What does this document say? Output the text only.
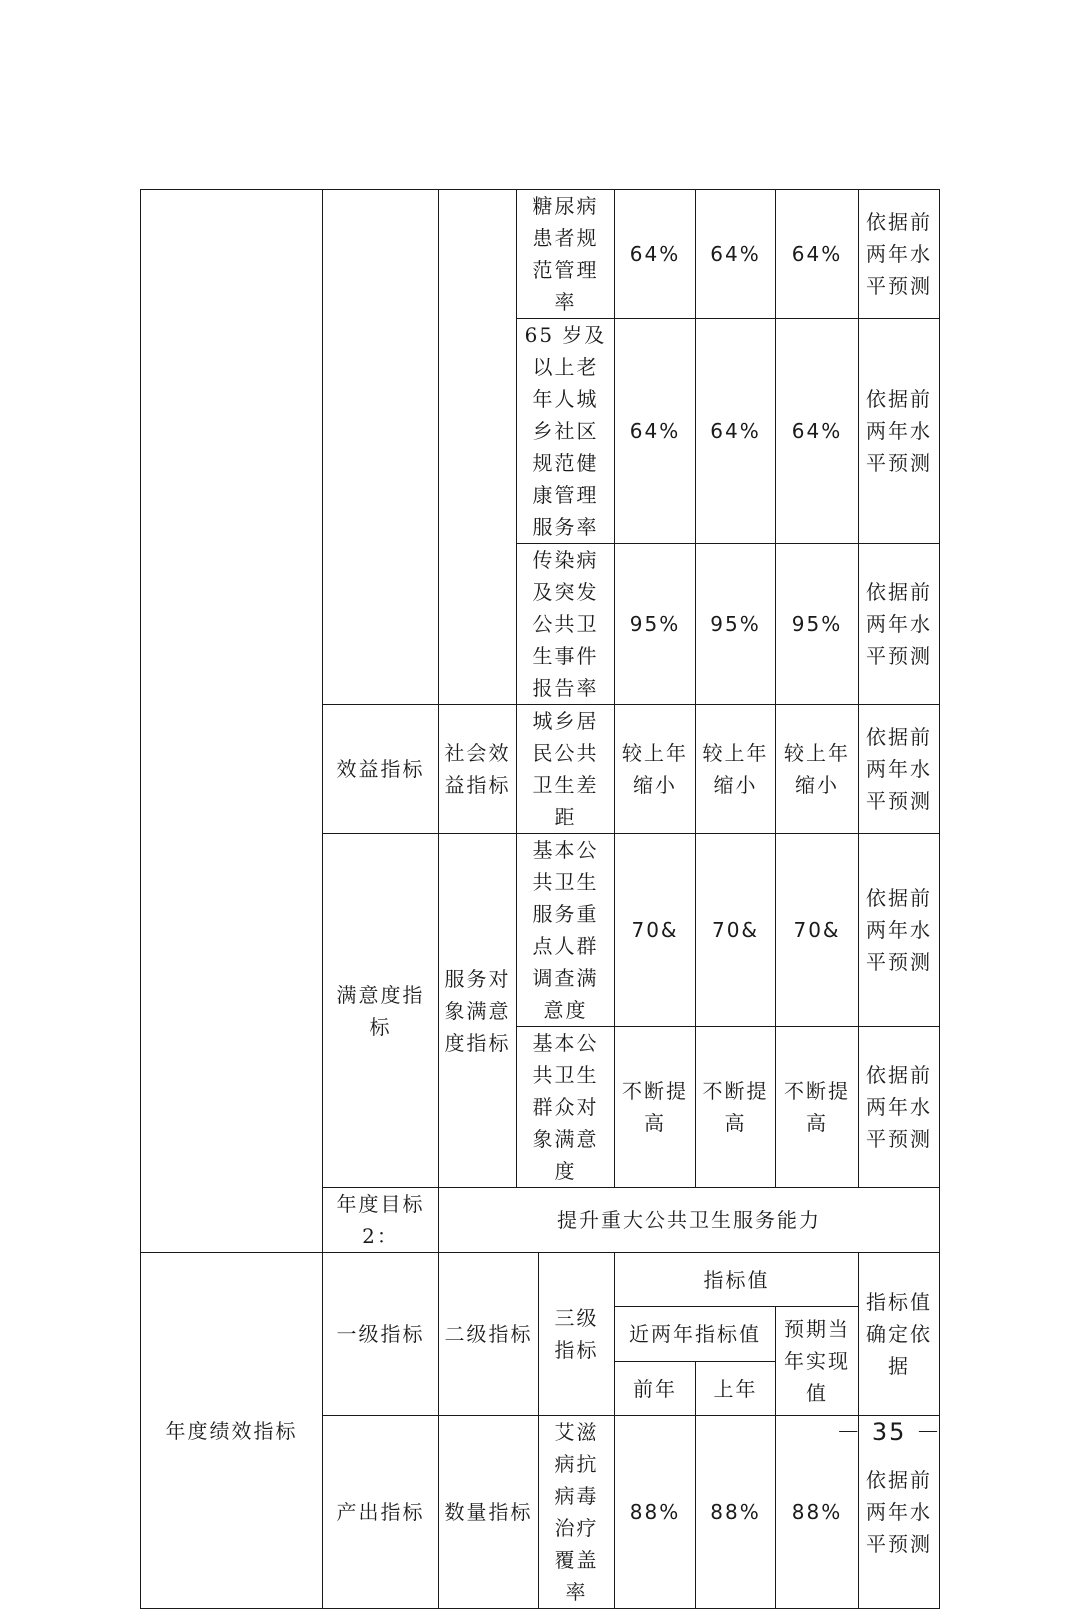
			糖尿病患者规范管理率		64%	64%	64%	依据前两年水平预测
			65 岁及以上老年人城乡社区规范健康管理服务率		64%	64%	64%	依据前两年水平预测
			传染病及突发公共卫生事件报告率		95%	95%	95%	依据前两年水平预测
	效益指标	社会效益指标	城乡居民公共卫生差距		较上年缩小	较上年缩小	较上年缩小	依据前两年水平预测
	满意度指标	服务对象满意度指标	基本公共卫生服务重点人群调查满意度		70&	70&	70&	依据前两年水平预测
			基本公共卫生群众对象满意度		不断提高	不断提高	不断提高	依据前两年水平预测
	年度目标 2：	提升重大公共卫生服务能力						
年度绩效指标	一级指标	二级指标		三级指标	指标值			指标值确定依据
					近两年指标值		预期当年实现值	
					前年	上年		
	产出指标	数量指标		艾滋病抗病毒治疗覆盖率	88%	88%	88%	依据前两年水平预测
－ 35 －
